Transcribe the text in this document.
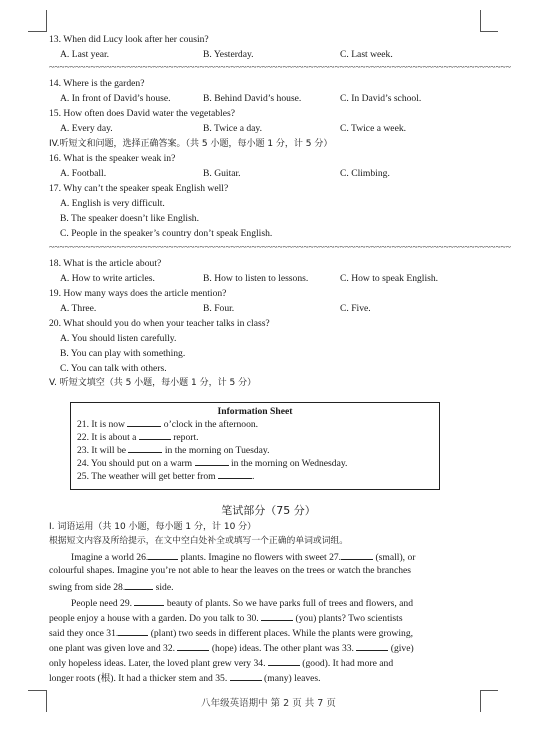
13. When did Lucy look after her cousin?
A. Last year.	B. Yesterday.	C. Last week.
~~~~~~~~~~~~~~~~~~~~~~~~~~~~~~~~~~~~~~~~~~~~~~~~~~~~~~~~~~~~~~~~~~~~~~~~~~~~~~~~~~~~~~~~~
14. Where is the garden?
A. In front of David’s house.	B. Behind David’s house.	C. In David’s school.
15. How often does David water the vegetables?
A. Every day.	B. Twice a day.	C. Twice a week.
IV.听短文和问题，选择正确答案。（共 5 小题，每小题 1 分，计 5 分）
16. What is the speaker weak in?
A. Football.	B. Guitar.	C. Climbing.
17. Why can’t the speaker speak English well?
A. English is very difficult.
B. The speaker doesn’t like English.
C. People in the speaker’s country don’t speak English.
~~~~~~~~~~~~~~~~~~~~~~~~~~~~~~~~~~~~~~~~~~~~~~~~~~~~~~~~~~~~~~~~~~~~~~~~~~~~~~~~~~~~~~~~~
18. What is the article about?
A. How to write articles.	B. How to listen to lessons.	C. How to speak English.
19. How many ways does the article mention?
A. Three.	B. Four.	C. Five.
20. What should you do when your teacher talks in class?
A. You should listen carefully.
B. You can play with something.
C. You can talk with others.
V. 听短文填空（共 5 小题，每小题 1 分，计 5 分）
Information Sheet
21. It is now	o’clock in the afternoon.
22. It is about a	report.
23. It will be	in the morning on Tuesday.
24. You should put on a warm	in the morning on Wednesday.
25. The weather will get better from	.
笔试部分（75 分）
I. 词语运用（共 10 小题，每小题 1 分，计 10 分）
根据短文内容及所给提示，在文中空白处补全或填写一个正确的单词或词组。
Imagine a world 26.	plants. Imagine no flowers with sweet 27.	(small), or
colourful shapes. Imagine you’re not able to hear the leaves on the trees or watch the branches
swing from side 28.	side.
People need 29.	beauty of plants. So we have parks full of trees and flowers, and
people enjoy a house with a garden. Do you talk to 30.	(you) plants? Two scientists
said they once 31.	(plant) two seeds in different places. While the plants were growing,
one plant was given love and 32.	(hope) ideas. The other plant was 33.	(give)
only hopeless ideas. Later, the loved plant grew very 34.	(good). It had more and
longer roots (根). It had a thicker stem and 35.	(many) leaves.
八年级英语期中 第 2 页 共 7 页
